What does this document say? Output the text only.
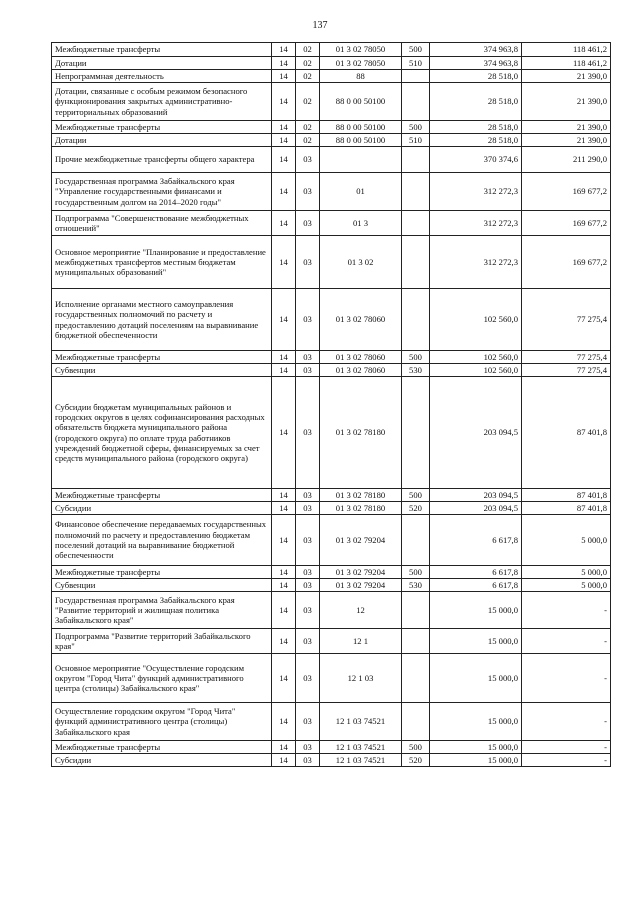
137
Межбюджетные трансферты	14	02	01 3 02 78050	500	374 963,8	118 461,2
Дотации	14	02	01 3 02 78050	510	374 963,8	118 461,2
Непрограммная деятельность	14	02	88		28 518,0	21 390,0
Дотации, связанные с особым режимом безопасного функционирования закрытых административно-территориальных образований	14	02	88 0 00 50100		28 518,0	21 390,0
Межбюджетные трансферты	14	02	88 0 00 50100	500	28 518,0	21 390,0
Дотации	14	02	88 0 00 50100	510	28 518,0	21 390,0
Прочие межбюджетные трансферты общего характера	14	03			370 374,6	211 290,0
Государственная программа Забайкальского края "Управление государственными финансами и государственным долгом на 2014–2020 годы"	14	03	01		312 272,3	169 677,2
Подпрограмма "Совершенствование межбюджетных отношений"	14	03	01 3		312 272,3	169 677,2
Основное мероприятие "Планирование и предоставление межбюджетных трансфертов местным бюджетам муниципальных образований"	14	03	01 3 02		312 272,3	169 677,2
Исполнение органами местного самоуправления государственных полномочий по расчету и предоставлению дотаций поселениям на выравнивание бюджетной обеспеченности	14	03	01 3 02 78060		102 560,0	77 275,4
Межбюджетные трансферты	14	03	01 3 02 78060	500	102 560,0	77 275,4
Субвенции	14	03	01 3 02 78060	530	102 560,0	77 275,4
Субсидии бюджетам муниципальных районов и городских округов в целях софинансирования расходных обязательств бюджета муниципального района (городского округа) по оплате труда работников учреждений бюджетной сферы, финансируемых за счет средств муниципального района (городского округа)	14	03	01 3 02 78180		203 094,5	87 401,8
Межбюджетные трансферты	14	03	01 3 02 78180	500	203 094,5	87 401,8
Субсидии	14	03	01 3 02 78180	520	203 094,5	87 401,8
Финансовое обеспечение передаваемых государственных полномочий по расчету и предоставлению бюджетам поселений дотаций на выравнивание бюджетной обеспеченности	14	03	01 3 02 79204		6 617,8	5 000,0
Межбюджетные трансферты	14	03	01 3 02 79204	500	6 617,8	5 000,0
Субвенции	14	03	01 3 02 79204	530	6 617,8	5 000,0
Государственная программа Забайкальского края "Развитие территорий и жилищная политика Забайкальского края"	14	03	12		15 000,0	-
Подпрограмма "Развитие территорий Забайкальского края"	14	03	12 1		15 000,0	-
Основное мероприятие "Осуществление городским округом "Город Чита" функций административного центра (столицы) Забайкальского края"	14	03	12 1 03		15 000,0	-
Осуществление городским округом "Город Чита" функций административного центра (столицы) Забайкальского края	14	03	12 1 03 74521		15 000,0	-
Межбюджетные трансферты	14	03	12 1 03 74521	500	15 000,0	-
Субсидии	14	03	12 1 03 74521	520	15 000,0	-
